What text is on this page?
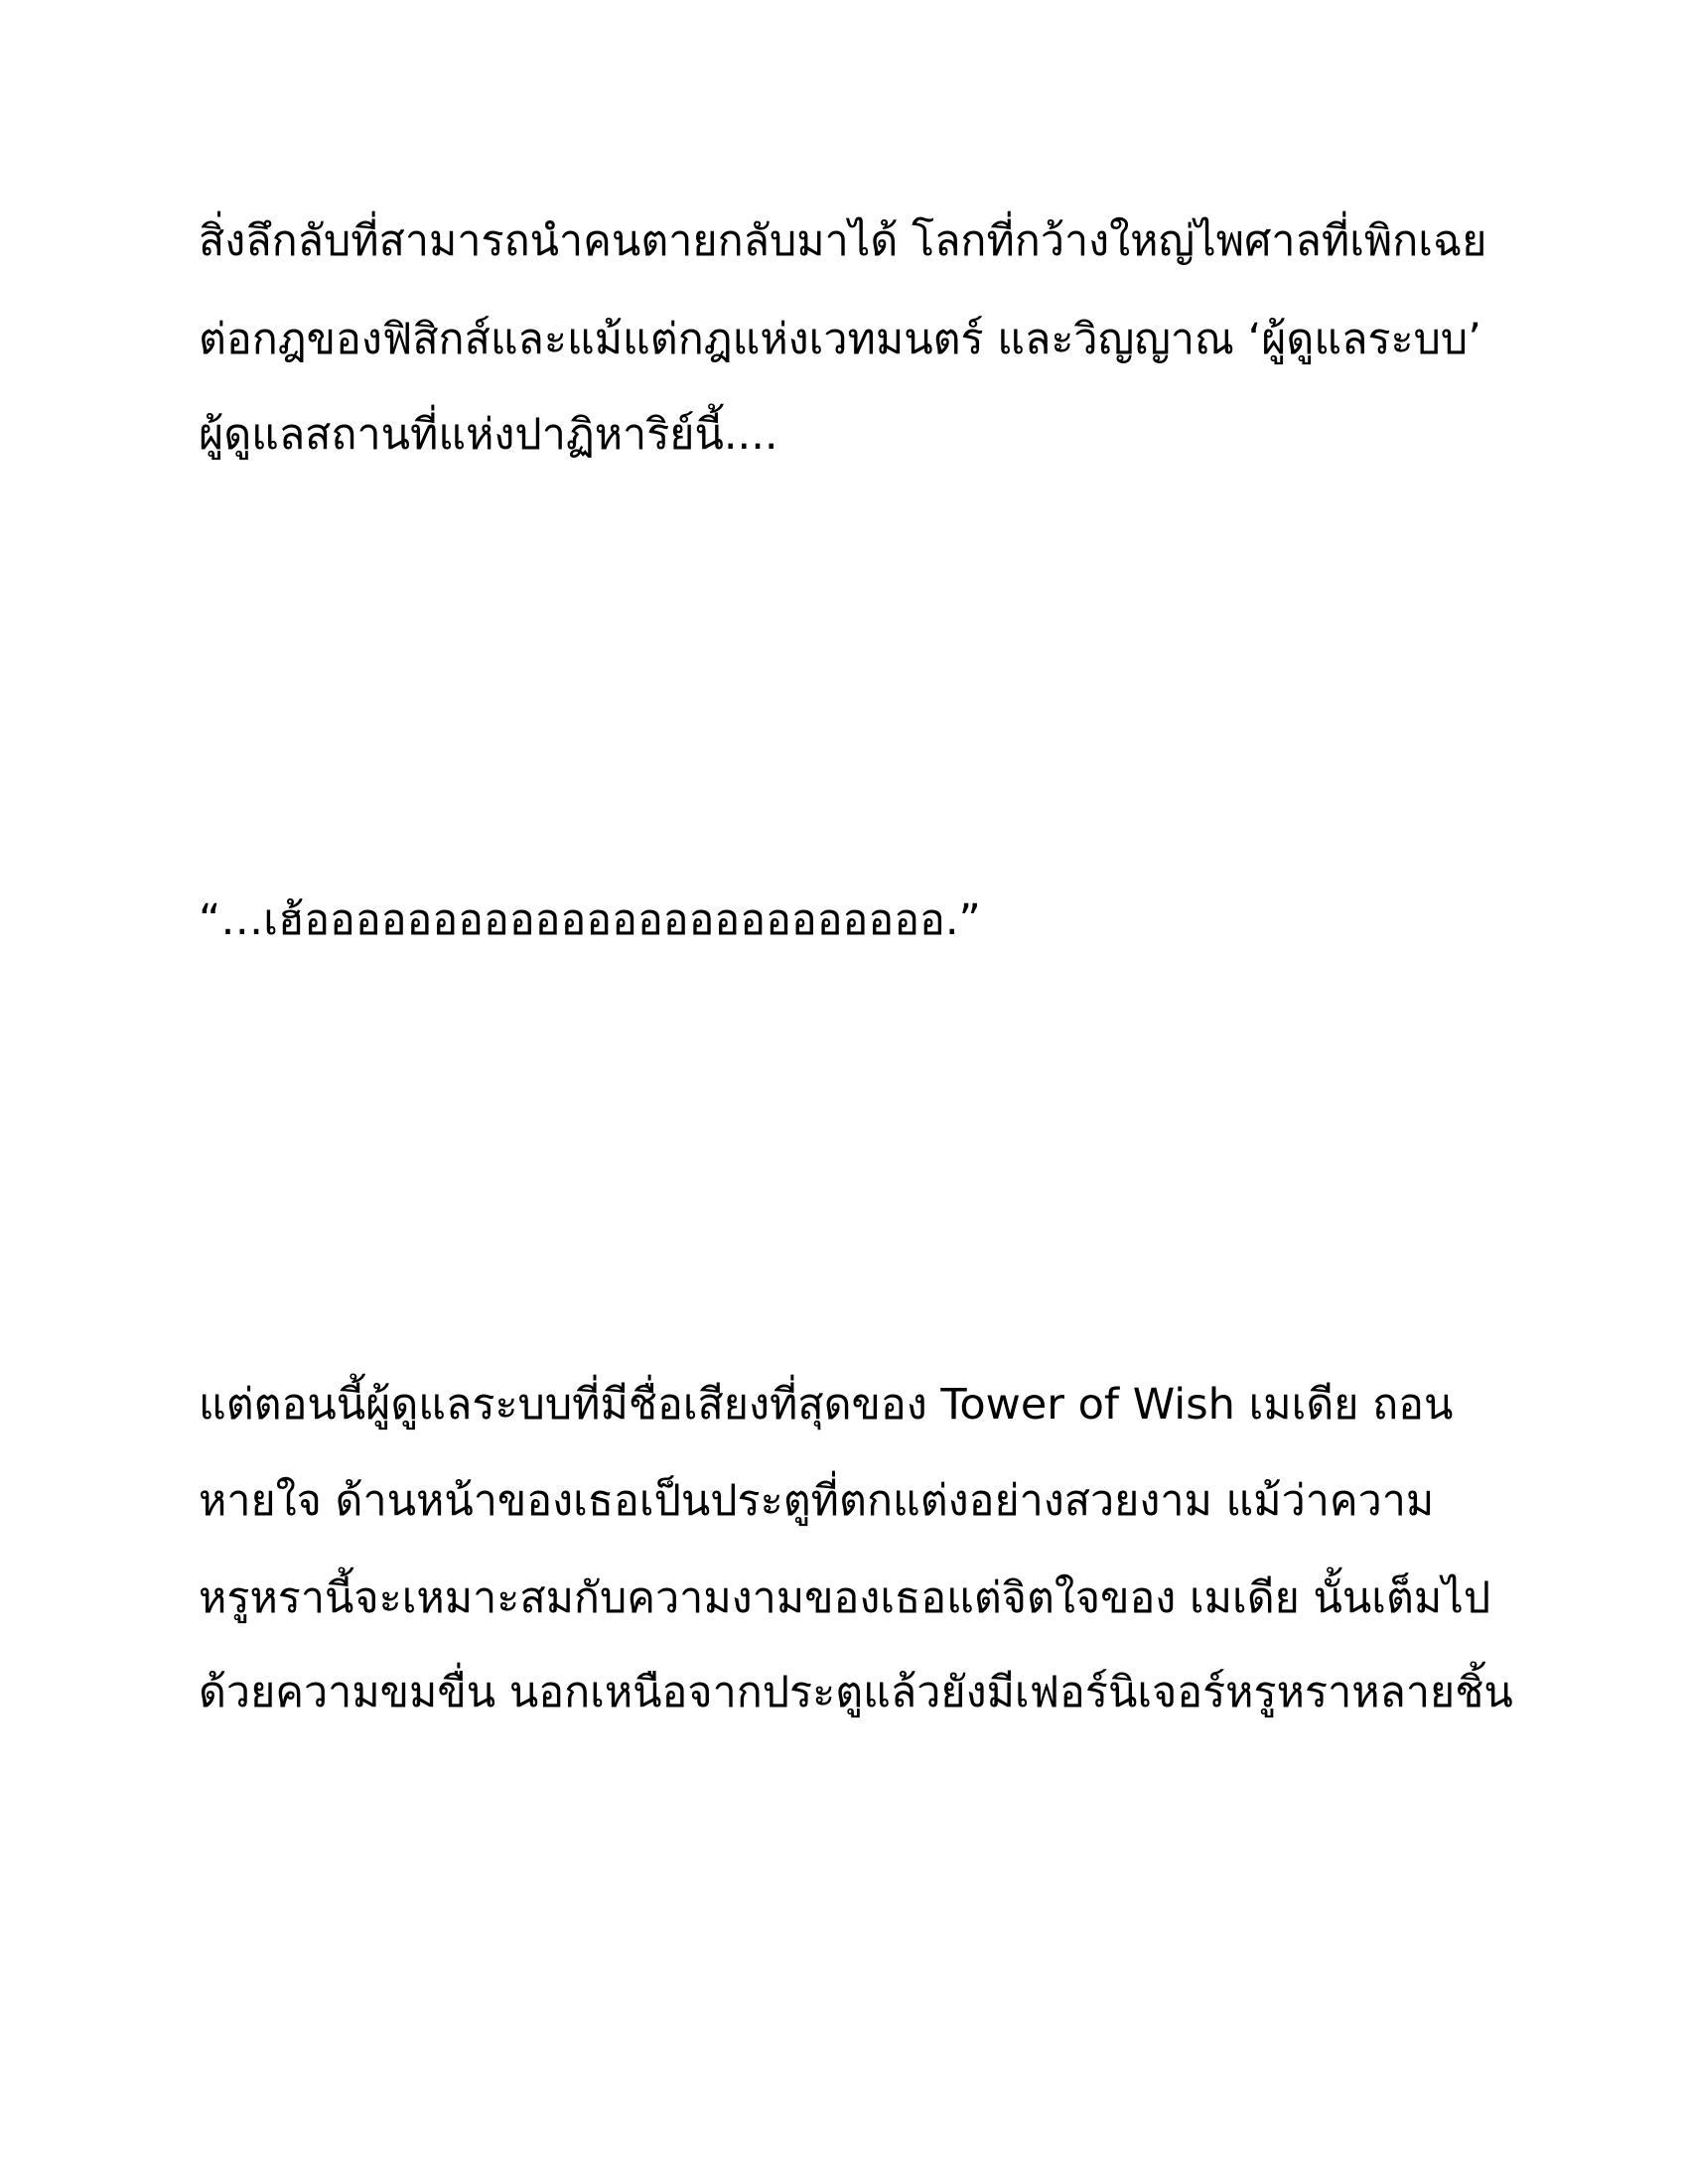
สิ่งลึกลับที่สามารถนำคนตายกลับมาได้ โลกที่กว้างใหญ่ไพศาลที่เพิกเฉย
ต่อกฎของฟิสิกส์และแม้แต่กฎแห่งเวทมนตร์ และวิญญาณ ‘ผู้ดูแลระบบ’
ผู้ดูแลสถานที่แห่งปาฏิหาริย์นี้....
“…เฮ้อออออออออออออออออออออออออ.”
แต่ตอนนี้ผู้ดูแลระบบที่มีชื่อเสียงที่สุดของ Tower of Wish เมเดีย ถอน
หายใจ ด้านหน้าของเธอเป็นประตูที่ตกแต่งอย่างสวยงาม แม้ว่าความ
หรูหรานี้จะเหมาะสมกับความงามของเธอแต่จิตใจของ เมเดีย นั้นเต็มไป
ด้วยความขมขื่น นอกเหนือจากประตูแล้วยังมีเฟอร์นิเจอร์หรูหราหลายชิ้น
